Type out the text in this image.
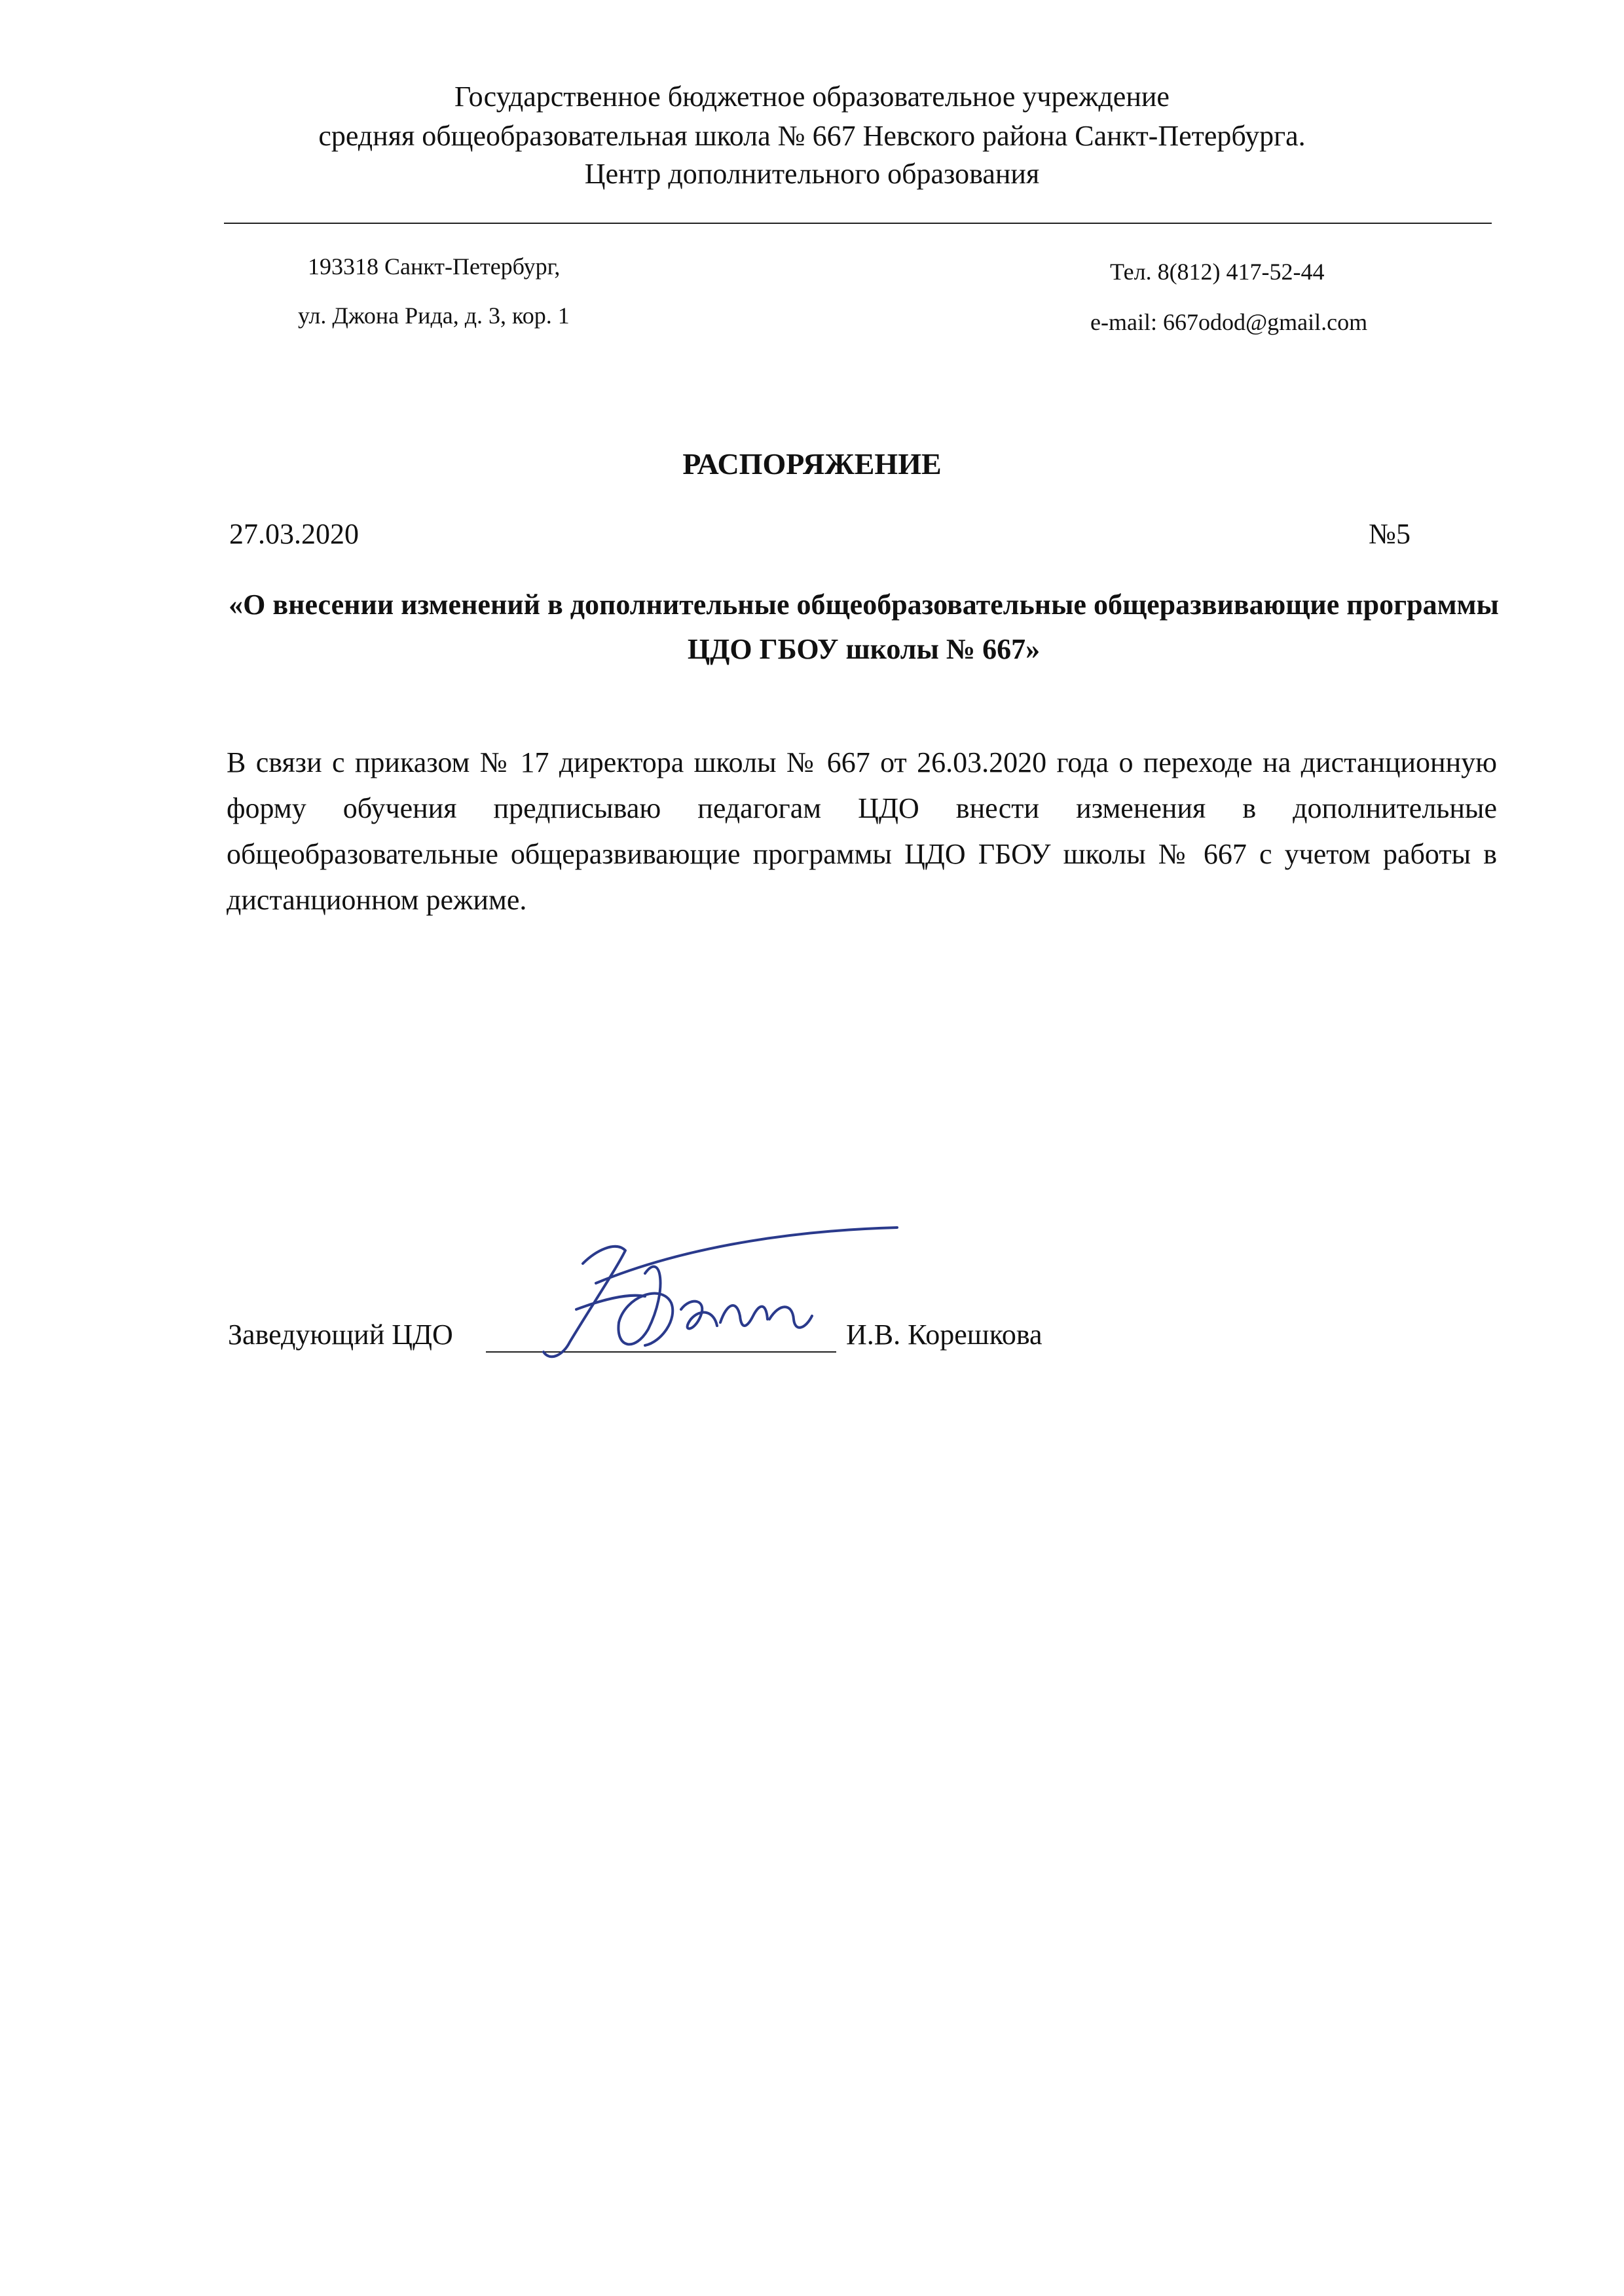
Государственное бюджетное образовательное учреждение
средняя общеобразовательная школа № 667 Невского района Санкт-Петербурга.
Центр дополнительного образования
193318 Санкт-Петербург,
ул. Джона Рида, д. 3, кор. 1
Тел. 8(812) 417-52-44
e-mail: 667odod@gmail.com
РАСПОРЯЖЕНИЕ
27.03.2020	№5
«О внесении изменений в дополнительные общеобразовательные общеразвивающие программы ЦДО ГБОУ школы № 667»

В связи с приказом № 17 директора школы № 667 от 26.03.2020 года о переходе на дистанционную форму обучения предписываю педагогам ЦДО внести изменения в дополнительные общеобразовательные общеразвивающие программы ЦДО ГБОУ школы № 667 с учетом работы в дистанционном режиме.

Заведующий ЦДО	И.В. Корешкова
